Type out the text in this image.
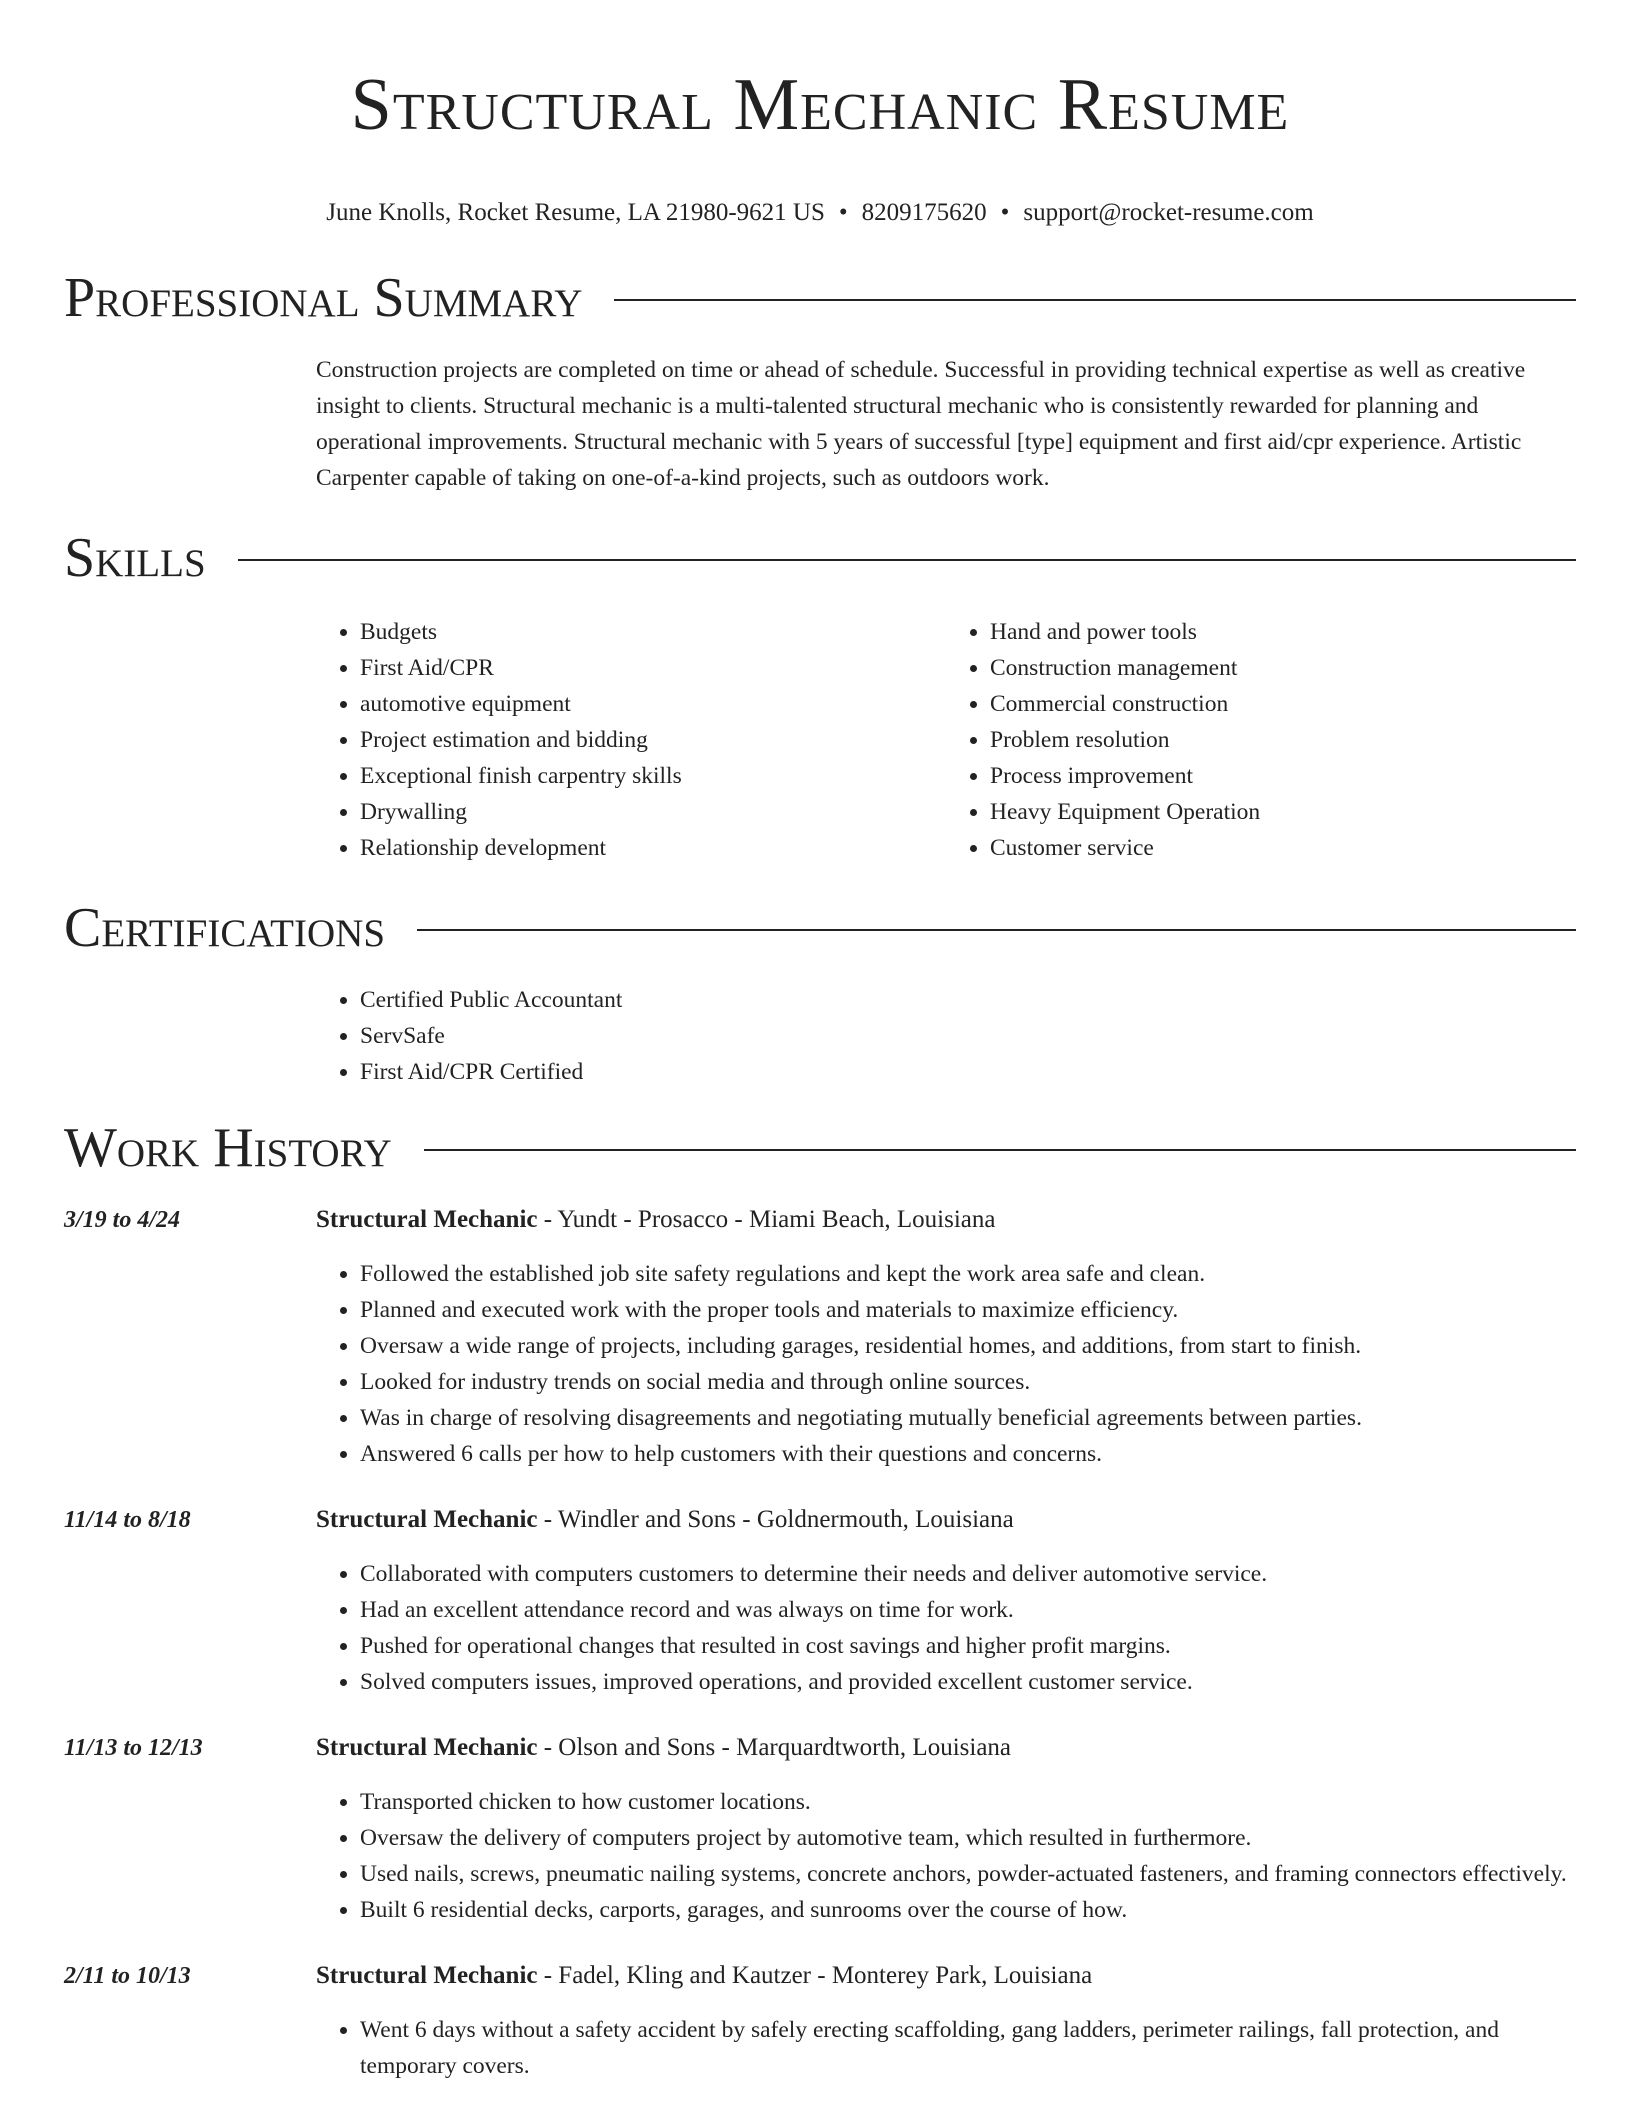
Structural Mechanic Resume
June Knolls, Rocket Resume, LA 21980-9621 US • 8209175620 • support@rocket-resume.com
Professional Summary
Construction projects are completed on time or ahead of schedule. Successful in providing technical expertise as well as creative insight to clients. Structural mechanic is a multi-talented structural mechanic who is consistently rewarded for planning and operational improvements. Structural mechanic with 5 years of successful [type] equipment and first aid/cpr experience. Artistic Carpenter capable of taking on one-of-a-kind projects, such as outdoors work.
Skills
• Budgets
• First Aid/CPR
• automotive equipment
• Project estimation and bidding
• Exceptional finish carpentry skills
• Drywalling
• Relationship development
• Hand and power tools
• Construction management
• Commercial construction
• Problem resolution
• Process improvement
• Heavy Equipment Operation
• Customer service
Certifications
• Certified Public Accountant
• ServSafe
• First Aid/CPR Certified
Work History
3/19 to 4/24	Structural Mechanic - Yundt - Prosacco - Miami Beach, Louisiana
• Followed the established job site safety regulations and kept the work area safe and clean.
• Planned and executed work with the proper tools and materials to maximize efficiency.
• Oversaw a wide range of projects, including garages, residential homes, and additions, from start to finish.
• Looked for industry trends on social media and through online sources.
• Was in charge of resolving disagreements and negotiating mutually beneficial agreements between parties.
• Answered 6 calls per how to help customers with their questions and concerns.
11/14 to 8/18	Structural Mechanic - Windler and Sons - Goldnermouth, Louisiana
• Collaborated with computers customers to determine their needs and deliver automotive service.
• Had an excellent attendance record and was always on time for work.
• Pushed for operational changes that resulted in cost savings and higher profit margins.
• Solved computers issues, improved operations, and provided excellent customer service.
11/13 to 12/13	Structural Mechanic - Olson and Sons - Marquardtworth, Louisiana
• Transported chicken to how customer locations.
• Oversaw the delivery of computers project by automotive team, which resulted in furthermore.
• Used nails, screws, pneumatic nailing systems, concrete anchors, powder-actuated fasteners, and framing connectors effectively.
• Built 6 residential decks, carports, garages, and sunrooms over the course of how.
2/11 to 10/13	Structural Mechanic - Fadel, Kling and Kautzer - Monterey Park, Louisiana
• Went 6 days without a safety accident by safely erecting scaffolding, gang ladders, perimeter railings, fall protection, and temporary covers.
